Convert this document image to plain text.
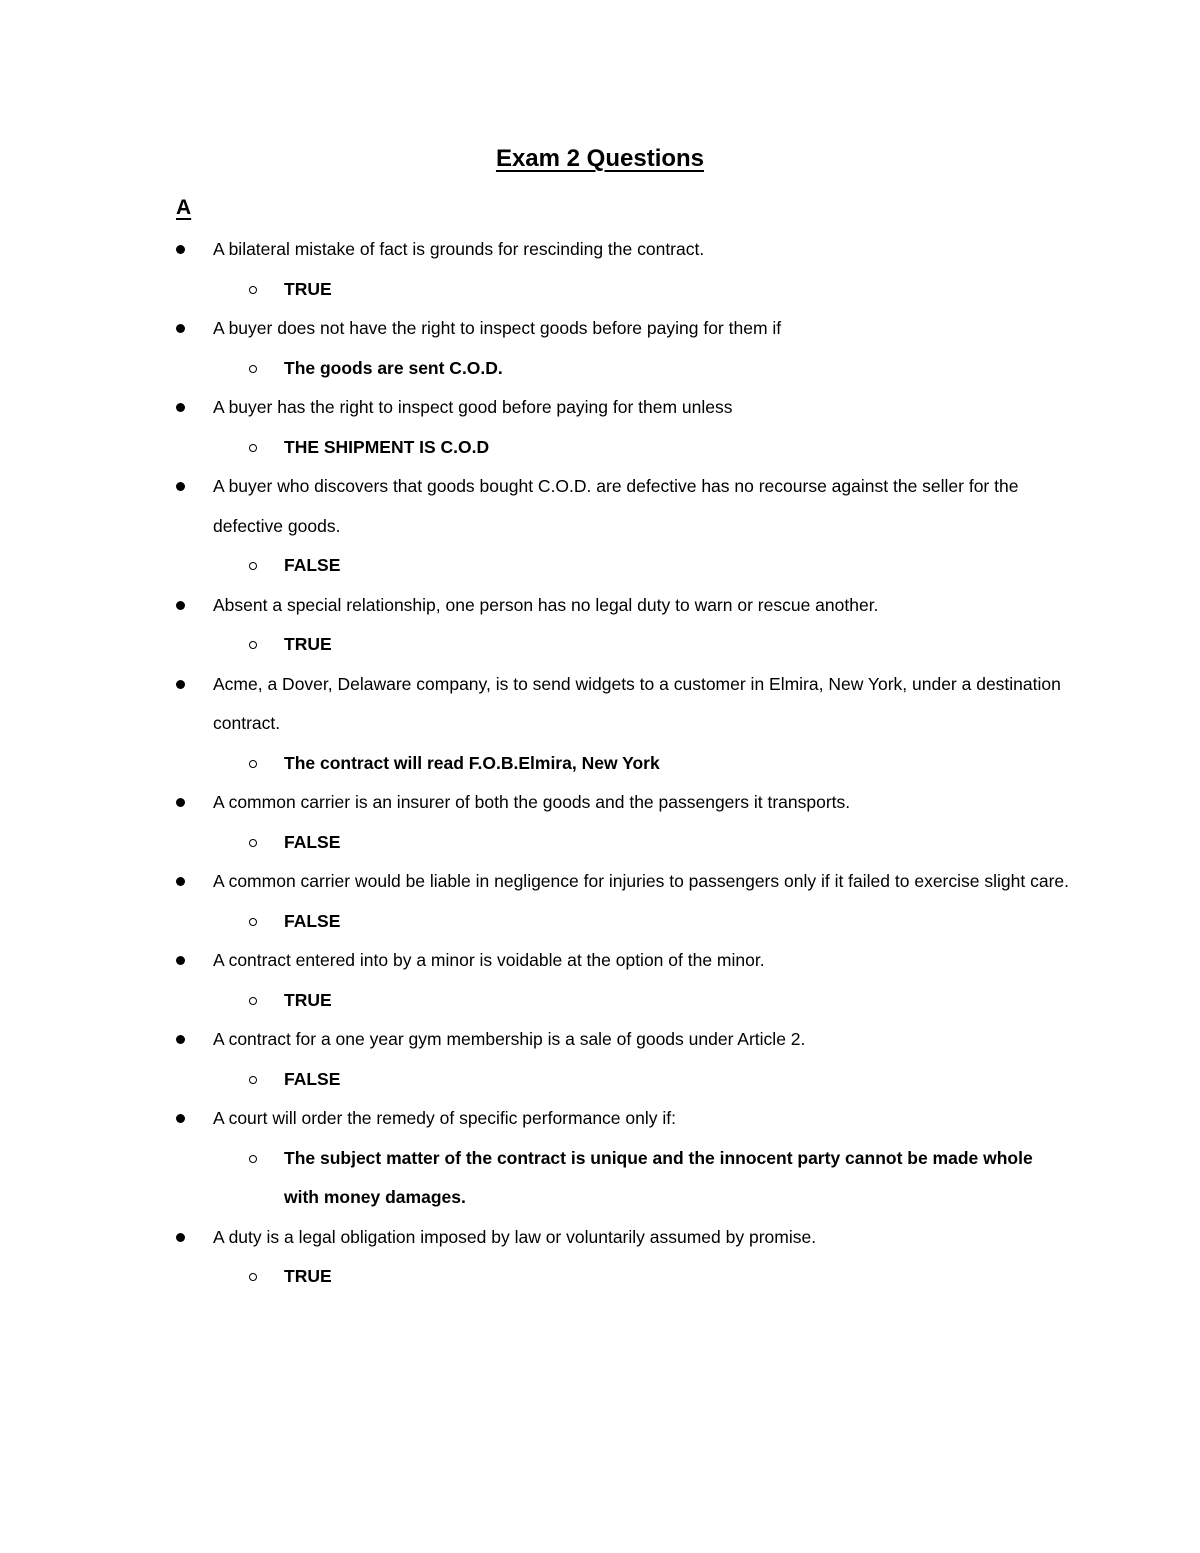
Exam 2 Questions
A
A bilateral mistake of fact is grounds for rescinding the contract.
TRUE
A buyer does not have the right to inspect goods before paying for them if
The goods are sent C.O.D.
A buyer has the right to inspect good before paying for them unless
THE SHIPMENT IS C.O.D
A buyer who discovers that goods bought C.O.D. are defective has no recourse against the seller for the defective goods.
FALSE
Absent a special relationship, one person has no legal duty to warn or rescue another.
TRUE
Acme, a Dover, Delaware company, is to send widgets to a customer in Elmira, New York, under a destination contract.
The contract will read F.O.B.Elmira, New York
A common carrier is an insurer of both the goods and the passengers it transports.
FALSE
A common carrier would be liable in negligence for injuries to passengers only if it failed to exercise slight care.
FALSE
A contract entered into by a minor is voidable at the option of the minor.
TRUE
A contract for a one year gym membership is a sale of goods under Article 2.
FALSE
A court will order the remedy of specific performance only if:
The subject matter of the contract is unique and the innocent party cannot be made whole with money damages.
A duty is a legal obligation imposed by law or voluntarily assumed by promise.
TRUE
